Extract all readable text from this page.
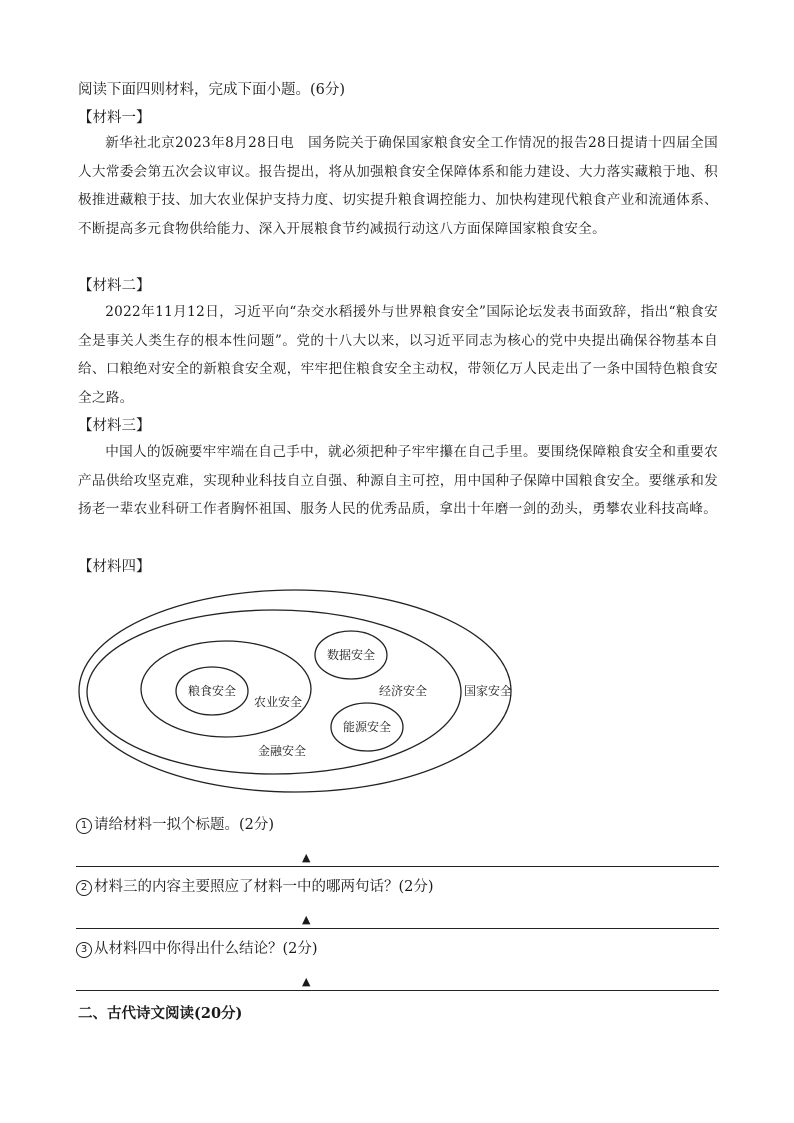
阅读下面四则材料，完成下面小题。(6分)
【材料一】

新华社北京2023年8月28日电　国务院关于确保国家粮食安全工作情况的报告28日提请十四届全国人大常委会第五次会议审议。报告提出，将从加强粮食安全保障体系和能力建设、大力落实藏粮于地、积极推进藏粮于技、加大农业保护支持力度、切实提升粮食调控能力、加快构建现代粮食产业和流通体系、不断提高多元食物供给能力、深入开展粮食节约减损行动这八方面保障国家粮食安全。

【材料二】

2022年11月12日，习近平向“杂交水稻援外与世界粮食安全”国际论坛发表书面致辞，指出“粮食安全是事关人类生存的根本性问题”。党的十八大以来，以习近平同志为核心的党中央提出确保谷物基本自给、口粮绝对安全的新粮食安全观，牢牢把住粮食安全主动权，带领亿万人民走出了一条中国特色粮食安全之路。

【材料三】

中国人的饭碗要牢牢端在自己手中，就必须把种子牢牢攥在自己手里。要围绕保障粮食安全和重要农产品供给攻坚克难，实现种业科技自立自强、种源自主可控，用中国种子保障中国粮食安全。要继承和发扬老一辈农业科研工作者胸怀祖国、服务人民的优秀品质，拿出十年磨一剑的劲头，勇攀农业科技高峰。

【材料四】
国家安全
经济安全
金融安全
农业安全
粮食安全
数据安全
能源安全
1 请给材料一拟个标题。(2分)
▲
2 材料三的内容主要照应了材料一中的哪两句话？(2分)
▲
3 从材料四中你得出什么结论？(2分)
▲
二、古代诗文阅读(20分)
